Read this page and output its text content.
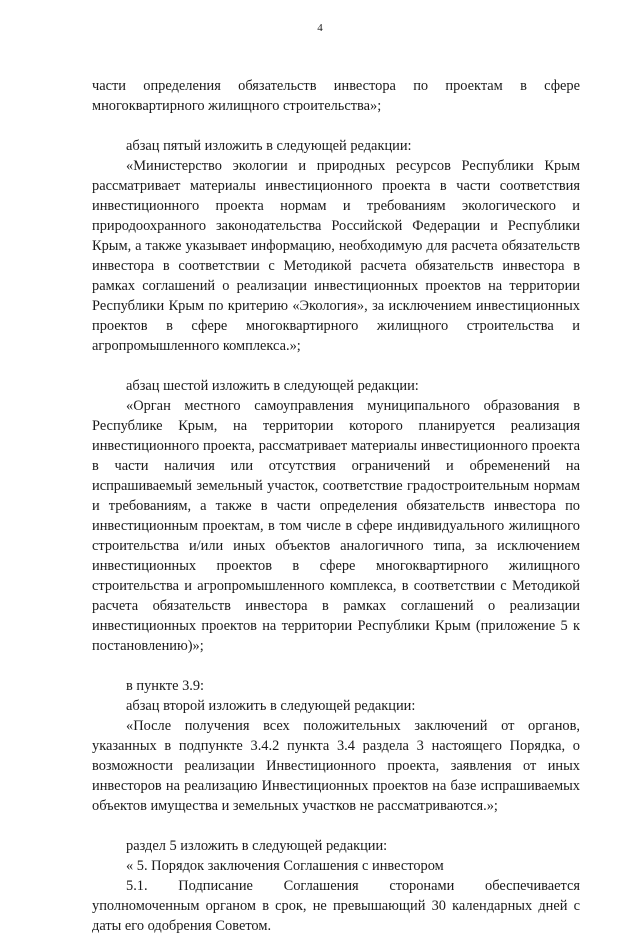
4

части определения обязательств инвестора по проектам в сфере многоквартирного жилищного строительства»;

абзац пятый изложить в следующей редакции:

«Министерство экологии и природных ресурсов Республики Крым рассматривает материалы инвестиционного проекта в части соответствия инвестиционного проекта нормам и требованиям экологического и природоохранного законодательства Российской Федерации и Республики Крым, а также указывает информацию, необходимую для расчета обязательств инвестора в соответствии с Методикой расчета обязательств инвестора в рамках соглашений о реализации инвестиционных проектов на территории Республики Крым по критерию «Экология», за исключением инвестиционных проектов в сфере многоквартирного жилищного строительства и агропромышленного комплекса.»;

абзац шестой изложить в следующей редакции:

«Орган местного самоуправления муниципального образования в Республике Крым, на территории которого планируется реализация инвестиционного проекта, рассматривает материалы инвестиционного проекта в части наличия или отсутствия ограничений и обременений на испрашиваемый земельный участок, соответствие градостроительным нормам и требованиям, а также в части определения обязательств инвестора по инвестиционным проектам, в том числе в сфере индивидуального жилищного строительства и/или иных объектов аналогичного типа, за исключением инвестиционных проектов в сфере многоквартирного жилищного строительства и агропромышленного комплекса, в соответствии с Методикой расчета обязательств инвестора в рамках соглашений о реализации инвестиционных проектов на территории Республики Крым (приложение 5 к постановлению)»;

в пункте 3.9:

абзац второй изложить в следующей редакции:

«После получения всех положительных заключений от органов, указанных в подпункте 3.4.2 пункта 3.4 раздела 3 настоящего Порядка, о возможности реализации Инвестиционного проекта, заявления от иных инвесторов на реализацию Инвестиционных проектов на базе испрашиваемых объектов имущества и земельных участков не рассматриваются.»;

раздел 5 изложить в следующей редакции:

« 5. Порядок заключения Соглашения с инвестором

5.1. Подписание Соглашения сторонами обеспечивается уполномоченным органом в срок, не превышающий 30 календарных дней с даты его одобрения Советом.
